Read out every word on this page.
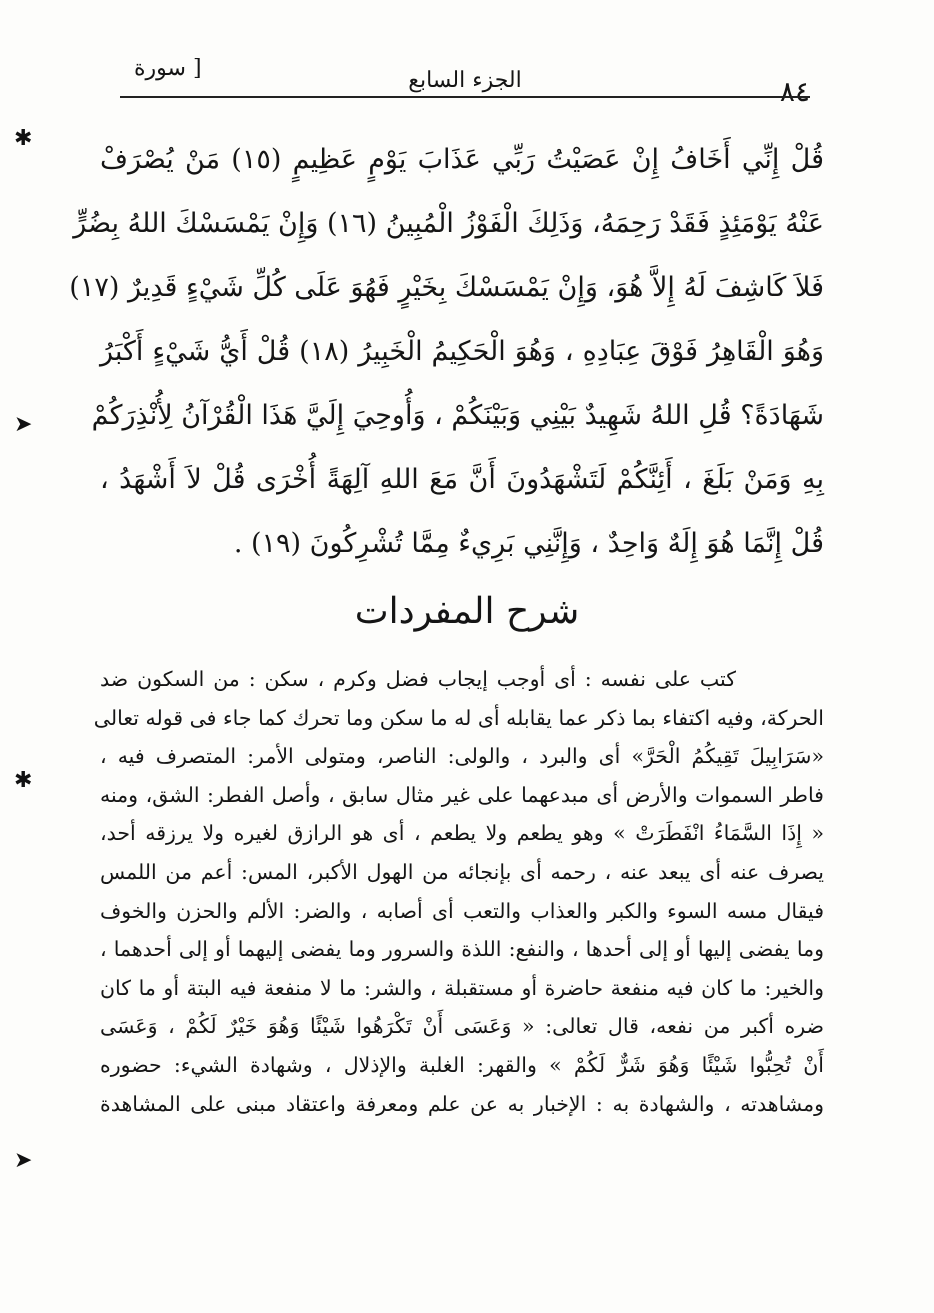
٨٤
الجزء السابع
[ سورة
✱
➤
✱
➤
قُلْ إِنِّي أَخَافُ إِنْ عَصَيْتُ رَبِّي عَذَابَ يَوْمٍ عَظِيمٍ (١٥) مَنْ يُصْرَفْ
عَنْهُ يَوْمَئِذٍ فَقَدْ رَحِمَهُ، وَذَلِكَ الْفَوْزُ الْمُبِينُ (١٦) وَإِنْ يَمْسَسْكَ اللهُ بِضُرٍّ
فَلاَ كَاشِفَ لَهُ إِلاَّ هُوَ، وَإِنْ يَمْسَسْكَ بِخَيْرٍ فَهُوَ عَلَى كُلِّ شَيْءٍ قَدِيرٌ (١٧)
وَهُوَ الْقَاهِرُ فَوْقَ عِبَادِهِ ، وَهُوَ الْحَكِيمُ الْخَبِيرُ (١٨) قُلْ أَيُّ شَيْءٍ أَكْبَرُ
شَهَادَةً؟ قُلِ اللهُ شَهِيدٌ بَيْنِي وَبَيْنَكُمْ ، وَأُوحِيَ إِلَيَّ هَذَا الْقُرْآنُ لِأُنْذِرَكُمْ
بِهِ وَمَنْ بَلَغَ ، أَئِنَّكُمْ لَتَشْهَدُونَ أَنَّ مَعَ اللهِ آلِهَةً أُخْرَى قُلْ لاَ أَشْهَدُ ،
قُلْ إِنَّمَا هُوَ إِلَهٌ وَاحِدٌ ، وَإِنَّنِي بَرِيءٌ مِمَّا تُشْرِكُونَ (١٩) .
شرح المفردات
كتب على نفسه : أى أوجب إيجاب فضل وكرم ، سكن : من السكون ضد
الحركة، وفيه اكتفاء بما ذكر عما يقابله أى له ما سكن وما تحرك كما جاء فى قوله تعالى
«سَرَابِيلَ تَقِيكُمُ الْحَرَّ» أى والبرد ، والولى: الناصر، ومتولى الأمر: المتصرف فيه ،
فاطر السموات والأرض أى مبدعهما على غير مثال سابق ، وأصل الفطر: الشق، ومنه
« إِذَا السَّمَاءُ انْفَطَرَتْ » وهو يطعم ولا يطعم ، أى هو الرازق لغيره ولا يرزقه أحد،
يصرف عنه أى يبعد عنه ، رحمه أى بإنجائه من الهول الأكبر، المس: أعم من اللمس
فيقال مسه السوء والكبر والعذاب والتعب أى أصابه ، والضر: الألم والحزن والخوف
وما يفضى إليها أو إلى أحدها ، والنفع: اللذة والسرور وما يفضى إليهما أو إلى أحدهما ،
والخير: ما كان فيه منفعة حاضرة أو مستقبلة ، والشر: ما لا منفعة فيه البتة أو ما كان
ضره أكبر من نفعه، قال تعالى: « وَعَسَى أَنْ تَكْرَهُوا شَيْئًا وَهُوَ خَيْرٌ لَكُمْ ، وَعَسَى
أَنْ تُحِبُّوا شَيْئًا وَهُوَ شَرٌّ لَكُمْ » والقهر: الغلبة والإذلال ، وشهادة الشيء: حضوره
ومشاهدته ، والشهادة به : الإخبار به عن علم ومعرفة واعتقاد مبنى على المشاهدة
